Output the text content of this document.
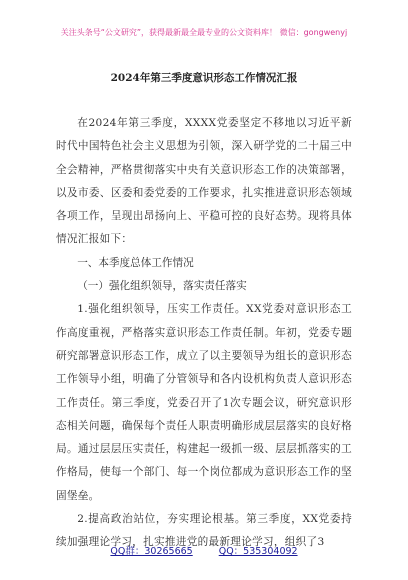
关注头条号“公文研究”，获得最新最全最专业的公文资料库！ 微信：gongwenyj
2024年第三季度意识形态工作情况汇报

在2024年第三季度，XXXX党委坚定不移地以习近平新时代中国特色社会主义思想为引领，深入研学党的二十届三中全会精神，严格贯彻落实中央有关意识形态工作的决策部署，以及市委、区委和委党委的工作要求，扎实推进意识形态领域各项工作，呈现出昂扬向上、平稳可控的良好态势。现将具体情况汇报如下：

一、本季度总体工作情况

（一）强化组织领导，落实责任落实

1.强化组织领导，压实工作责任。XX党委对意识形态工作高度重视，严格落实意识形态工作责任制。年初，党委专题研究部署意识形态工作，成立了以主要领导为组长的意识形态工作领导小组，明确了分管领导和各内设机构负责人意识形态工作责任。第三季度，党委召开了1次专题会议，研究意识形态相关问题，确保每个责任人职责明确形成层层落实的良好格局。通过层层压实责任，构建起一级抓一级、层层抓落实的工作格局，使每一个部门、每一个岗位都成为意识形态工作的坚固堡垒。

2.提高政治站位，夯实理论根基。第三季度，XX党委持续加强理论学习，扎实推进党的最新理论学习，组织了3

QQ群：30265665	QQ：535304092
